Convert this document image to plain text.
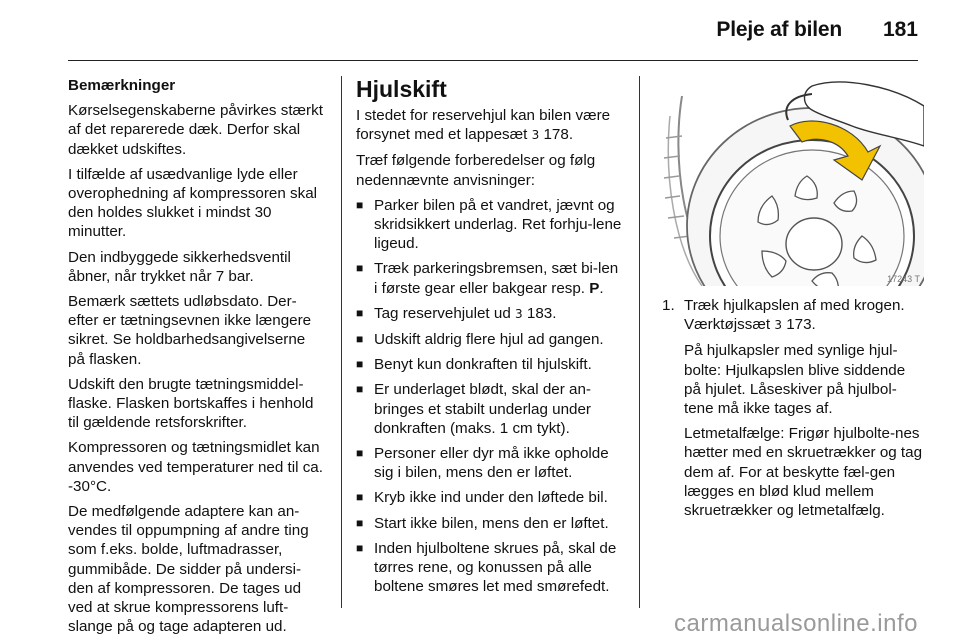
Pleje af bilen 181

Bemærkninger

Kørselsegenskaberne påvirkes stærkt af det reparerede dæk. Derfor skal dækket udskiftes.

I tilfælde af usædvanlige lyde eller overophedning af kompressoren skal den holdes slukket i mindst 30 minutter.

Den indbyggede sikkerhedsventil åbner, når trykket når 7 bar.

Bemærk sættets udløbsdato. Der-efter er tætningsevnen ikke længere sikret. Se holdbarhedsangivelserne på flasken.

Udskift den brugte tætningsmiddel-flaske. Flasken bortskaffes i henhold til gældende retsforskrifter.

Kompressoren og tætningsmidlet kan anvendes ved temperaturer ned til ca. -30°C.

De medfølgende adaptere kan an-vendes til oppumpning af andre ting som f.eks. bolde, luftmadrasser, gummibåde. De sidder på undersi-den af kompressoren. De tages ud ved at skrue kompressorens luft-slange på og tage adapteren ud.

Hjulskift

I stedet for reservehjul kan bilen være forsynet med et lappesæt 3 178.

Træf følgende forberedelser og følg nedennævnte anvisninger:

■ Parker bilen på et vandret, jævnt og skridsikkert underlag. Ret forhju-lene ligeud.
■ Træk parkeringsbremsen, sæt bi-len i første gear eller bakgear resp. P.
■ Tag reservehjulet ud 3 183.
■ Udskift aldrig flere hjul ad gangen.
■ Benyt kun donkraften til hjulskift.
■ Er underlaget blødt, skal der an-bringes et stabilt underlag under donkraften (maks. 1 cm tykt).
■ Personer eller dyr må ikke opholde sig i bilen, mens den er løftet.
■ Kryb ikke ind under den løftede bil.
■ Start ikke bilen, mens den er løftet.
■ Inden hjulboltene skrues på, skal de tørres rene, og konussen på alle boltene smøres let med smørefedt.
17243 T
1. Træk hjulkapslen af med krogen. Værktøjssæt 3 173.

På hjulkapsler med synlige hjul-bolte: Hjulkapslen blive siddende på hjulet. Låseskiver på hjulbol-tene må ikke tages af.

Letmetalfælge: Frigør hjulbolte-nes hætter med en skruetrækker og tag dem af. For at beskytte fæl-gen lægges en blød klud mellem skruetrækker og letmetalfælg.

carmanualsonline.info
